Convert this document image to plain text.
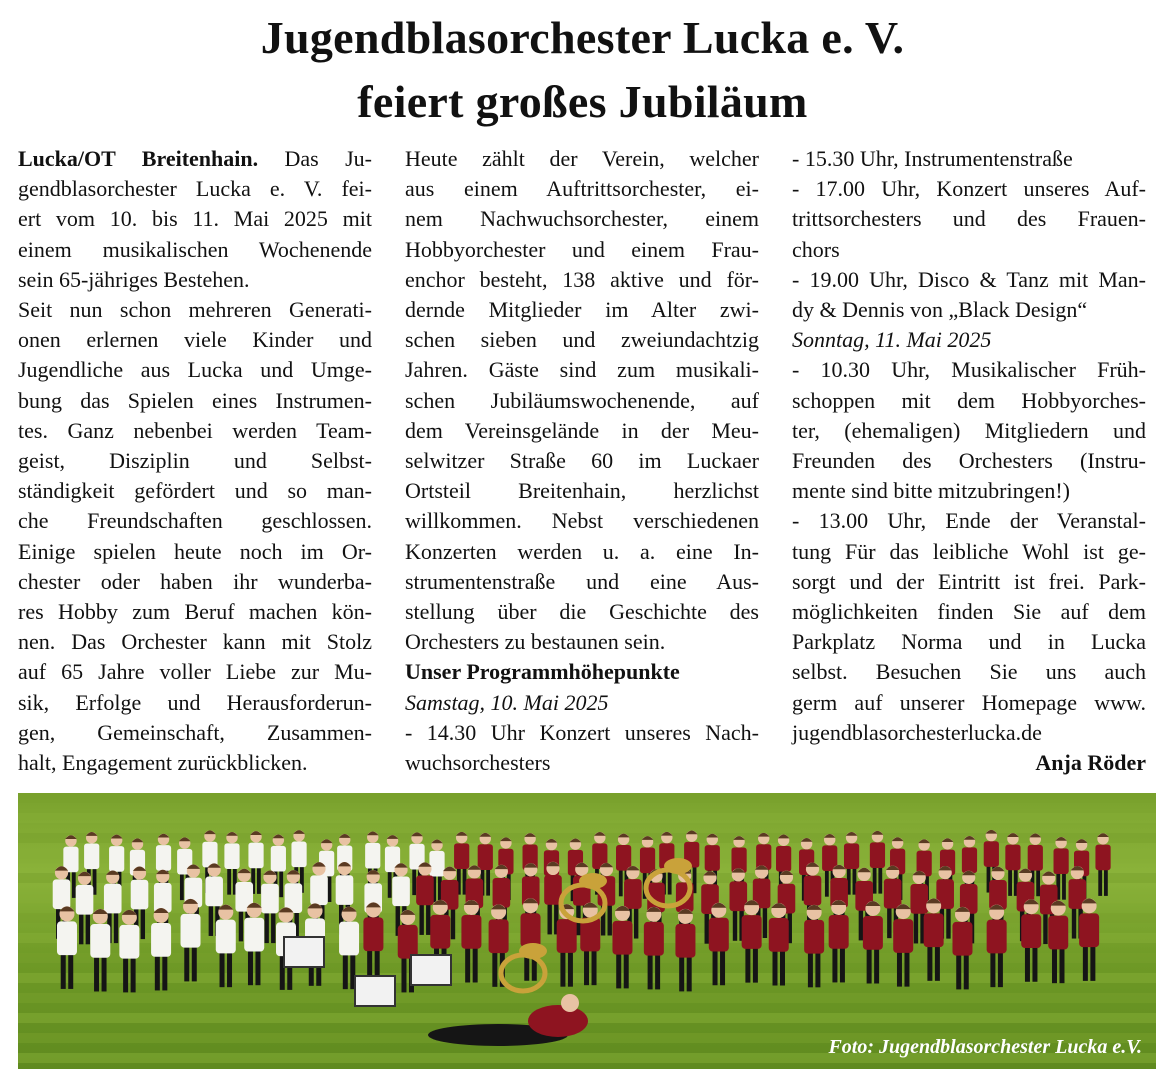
Jugendblasorchester Lucka e. V.
feiert großes Jubiläum

Lucka/OT Breitenhain. Das Ju-

gendblasorchester Lucka e. V. fei-

ert vom 10. bis 11. Mai 2025 mit

einem musikalischen Wochenende

sein 65-jähriges Bestehen.

Seit nun schon mehreren Generati-

onen erlernen viele Kinder und

Jugendliche aus Lucka und Umge-

bung das Spielen eines Instrumen-

tes. Ganz nebenbei werden Team-

geist, Disziplin und Selbst-

ständigkeit gefördert und so man-

che Freundschaften geschlossen.

Einige spielen heute noch im Or-

chester oder haben ihr wunderba-

res Hobby zum Beruf machen kön-

nen. Das Orchester kann mit Stolz

auf 65 Jahre voller Liebe zur Mu-

sik, Erfolge und Herausforderun-

gen, Gemeinschaft, Zusammen-

halt, Engagement zurückblicken.

Heute zählt der Verein, welcher

aus einem Auftrittsorchester, ei-

nem Nachwuchsorchester, einem

Hobbyorchester und einem Frau-

enchor besteht, 138 aktive und för-

dernde Mitglieder im Alter zwi-

schen sieben und zweiundachtzig

Jahren. Gäste sind zum musikali-

schen Jubiläumswochenende, auf

dem Vereinsgelände in der Meu-

selwitzer Straße 60 im Luckaer

Ortsteil Breitenhain, herzlichst

willkommen. Nebst verschiedenen

Konzerten werden u. a. eine In-

strumentenstraße und eine Aus-

stellung über die Geschichte des

Orchesters zu bestaunen sein.

Unser Programmhöhepunkte

Samstag, 10. Mai 2025

- 14.30 Uhr Konzert unseres Nach-

wuchsorchesters

- 15.30 Uhr, Instrumentenstraße

- 17.00 Uhr, Konzert unseres Auf-

trittsorchesters und des Frauen-

chors

- 19.00 Uhr, Disco & Tanz mit Man-

dy & Dennis von „Black Design“

Sonntag, 11. Mai 2025

- 10.30 Uhr, Musikalischer Früh-

schoppen mit dem Hobbyorches-

ter, (ehemaligen) Mitgliedern und

Freunden des Orchesters (Instru-

mente sind bitte mitzubringen!)

- 13.00 Uhr, Ende der Veranstal-

tung Für das leibliche Wohl ist ge-

sorgt und der Eintritt ist frei. Park-

möglichkeiten finden Sie auf dem

Parkplatz Norma und in Lucka

selbst. Besuchen Sie uns auch

germ auf unserer Homepage www.

jugendblasorchesterlucka.de

Anja Röder

Foto: Jugendblasorchester Lucka e.V.
